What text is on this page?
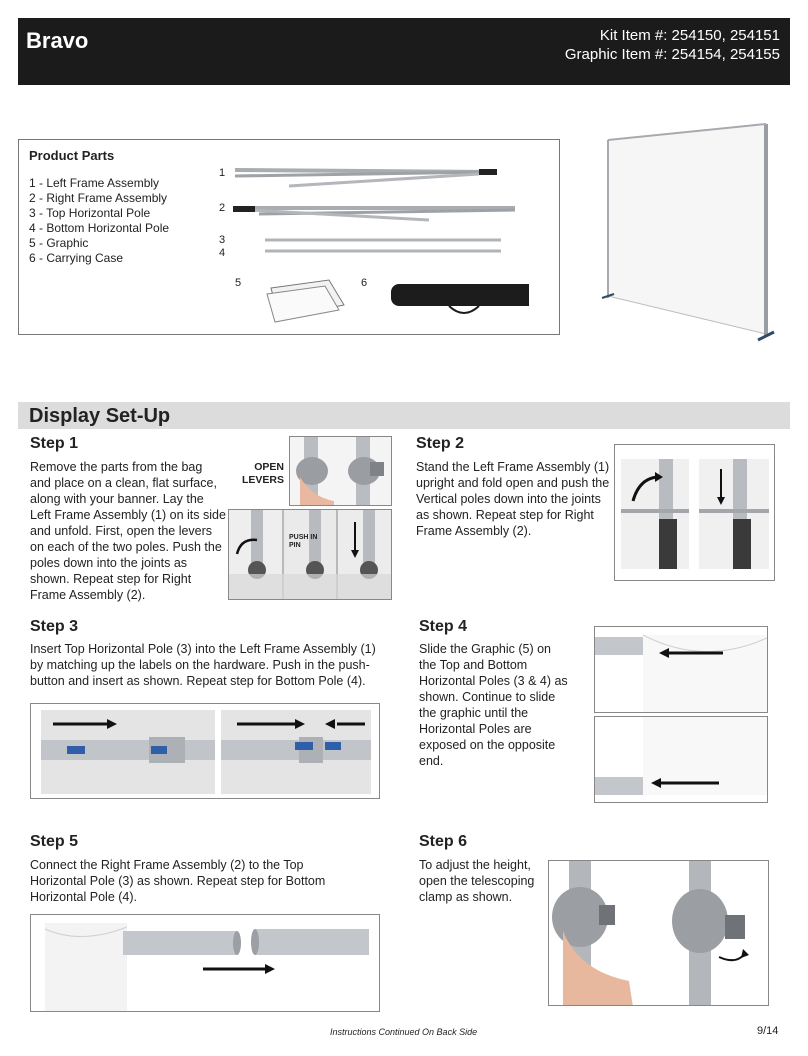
Bravo	Kit Item #: 254150, 254151
Graphic Item #: 254154, 254155
Product Parts
1 - Left Frame Assembly
2 - Right Frame Assembly
3 - Top Horizontal Pole
4 - Bottom Horizontal Pole
5 - Graphic
6 - Carrying Case
1
2
3
4
5	6
Display Set-Up
Step 1
Remove the parts from the bag and place on a clean, flat surface, along with your banner. Lay the Left Frame Assembly (1) on its side and unfold. First, open the levers on each of the two poles. Push the poles down into the joints as shown. Repeat step for Right Frame Assembly (2).
OPEN LEVERS
PUSH IN PIN
Step 2
Stand the Left Frame Assembly (1) upright and fold open and push the Vertical poles down into the joints as shown. Repeat step for Right Frame Assembly (2).
Step 3
Insert Top Horizontal Pole (3) into the Left Frame Assembly (1) by matching up the labels on the hardware. Push in the push-button and insert as shown. Repeat step for Bottom Pole (4).
Step 4
Slide the Graphic (5) on the Top and Bottom Horizontal Poles (3 & 4) as shown. Continue to slide the graphic until the Horizontal Poles are exposed on the opposite end.
Step 5
Connect the Right Frame Assembly (2) to the Top Horizontal Pole (3) as shown. Repeat step for Bottom Horizontal Pole (4).
Step 6
To adjust the height, open the telescoping clamp as shown.
Instructions Continued On Back Side	9/14
